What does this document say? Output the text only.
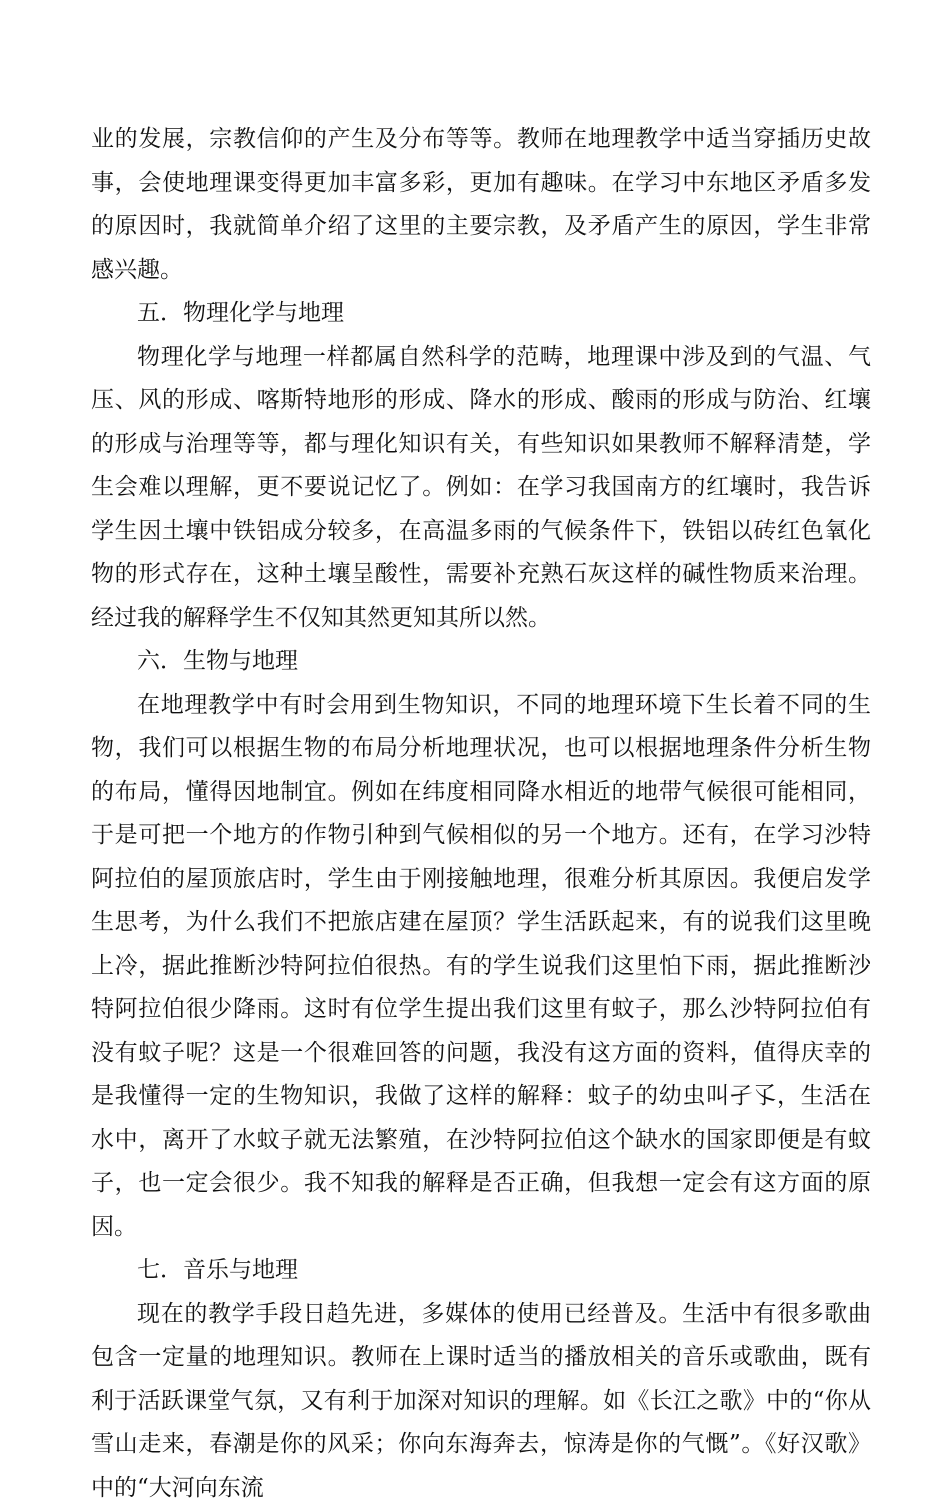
业的发展，宗教信仰的产生及分布等等。教师在地理教学中适当穿插历史故事，会使地理课变得更加丰富多彩，更加有趣味。在学习中东地区矛盾多发的原因时，我就简单介绍了这里的主要宗教，及矛盾产生的原因，学生非常感兴趣。

五．物理化学与地理

物理化学与地理一样都属自然科学的范畴，地理课中涉及到的气温、气压、风的形成、喀斯特地形的形成、降水的形成、酸雨的形成与防治、红壤的形成与治理等等，都与理化知识有关，有些知识如果教师不解释清楚，学生会难以理解，更不要说记忆了。例如：在学习我国南方的红壤时，我告诉学生因土壤中铁铝成分较多，在高温多雨的气候条件下，铁铝以砖红色氧化物的形式存在，这种土壤呈酸性，需要补充熟石灰这样的碱性物质来治理。经过我的解释学生不仅知其然更知其所以然。

六．生物与地理

在地理教学中有时会用到生物知识，不同的地理环境下生长着不同的生物，我们可以根据生物的布局分析地理状况，也可以根据地理条件分析生物的布局，懂得因地制宜。例如在纬度相同降水相近的地带气候很可能相同，于是可把一个地方的作物引种到气候相似的另一个地方。还有，在学习沙特阿拉伯的屋顶旅店时，学生由于刚接触地理，很难分析其原因。我便启发学生思考，为什么我们不把旅店建在屋顶？学生活跃起来，有的说我们这里晚上冷，据此推断沙特阿拉伯很热。有的学生说我们这里怕下雨，据此推断沙特阿拉伯很少降雨。这时有位学生提出我们这里有蚊子，那么沙特阿拉伯有没有蚊子呢？这是一个很难回答的问题，我没有这方面的资料，值得庆幸的是我懂得一定的生物知识，我做了这样的解释：蚊子的幼虫叫孑孓，生活在水中，离开了水蚊子就无法繁殖，在沙特阿拉伯这个缺水的国家即便是有蚊子，也一定会很少。我不知我的解释是否正确，但我想一定会有这方面的原因。

七．音乐与地理

现在的教学手段日趋先进，多媒体的使用已经普及。生活中有很多歌曲包含一定量的地理知识。教师在上课时适当的播放相关的音乐或歌曲，既有利于活跃课堂气氛，又有利于加深对知识的理解。如《长江之歌》中的“你从雪山走来，春潮是你的风采；你向东海奔去，惊涛是你的气慨”。《好汉歌》中的“大河向东流
